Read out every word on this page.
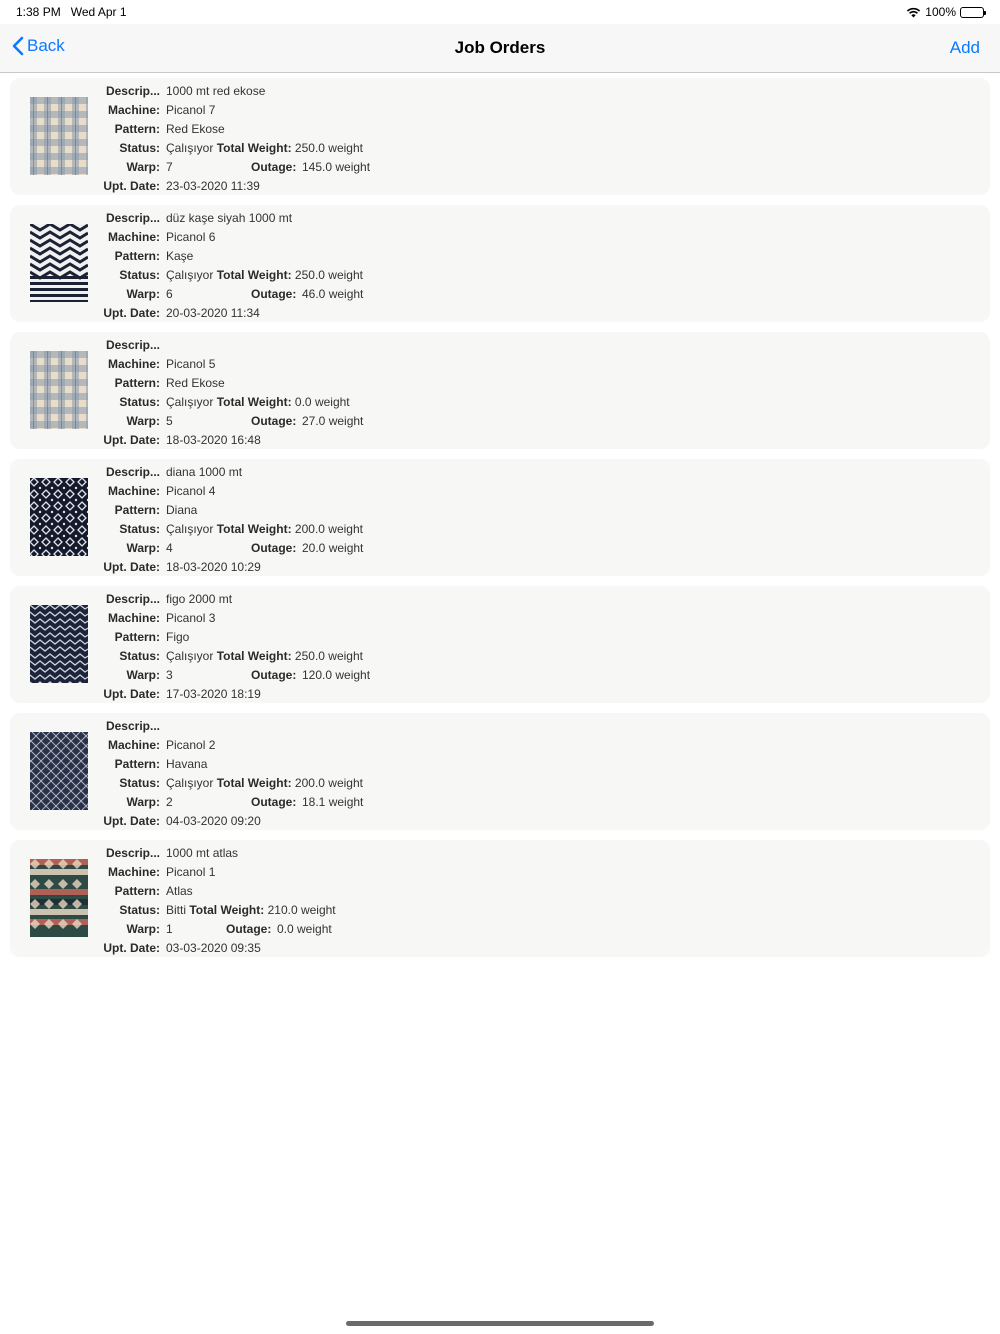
1:38 PM Wed Apr 1	100%
Back	Job Orders	Add
Descrip... 1000 mt red ekose
Machine: Picanol 7
Pattern: Red Ekose
Status: Çalışıyor Total Weight: 250.0 weight
Warp: 7	Outage: 145.0 weight
Upt. Date: 23-03-2020 11:39
Descrip... düz kaşe siyah 1000 mt
Machine: Picanol 6
Pattern: Kaşe
Status: Çalışıyor Total Weight: 250.0 weight
Warp: 6	Outage: 46.0 weight
Upt. Date: 20-03-2020 11:34
Descrip...
Machine: Picanol 5
Pattern: Red Ekose
Status: Çalışıyor Total Weight: 0.0 weight
Warp: 5	Outage: 27.0 weight
Upt. Date: 18-03-2020 16:48
Descrip... diana 1000 mt
Machine: Picanol 4
Pattern: Diana
Status: Çalışıyor Total Weight: 200.0 weight
Warp: 4	Outage: 20.0 weight
Upt. Date: 18-03-2020 10:29
Descrip... figo 2000 mt
Machine: Picanol 3
Pattern: Figo
Status: Çalışıyor Total Weight: 250.0 weight
Warp: 3	Outage: 120.0 weight
Upt. Date: 17-03-2020 18:19
Descrip...
Machine: Picanol 2
Pattern: Havana
Status: Çalışıyor Total Weight: 200.0 weight
Warp: 2	Outage: 18.1 weight
Upt. Date: 04-03-2020 09:20
Descrip... 1000 mt atlas
Machine: Picanol 1
Pattern: Atlas
Status: Bitti Total Weight: 210.0 weight
Warp: 1	Outage: 0.0 weight
Upt. Date: 03-03-2020 09:35
